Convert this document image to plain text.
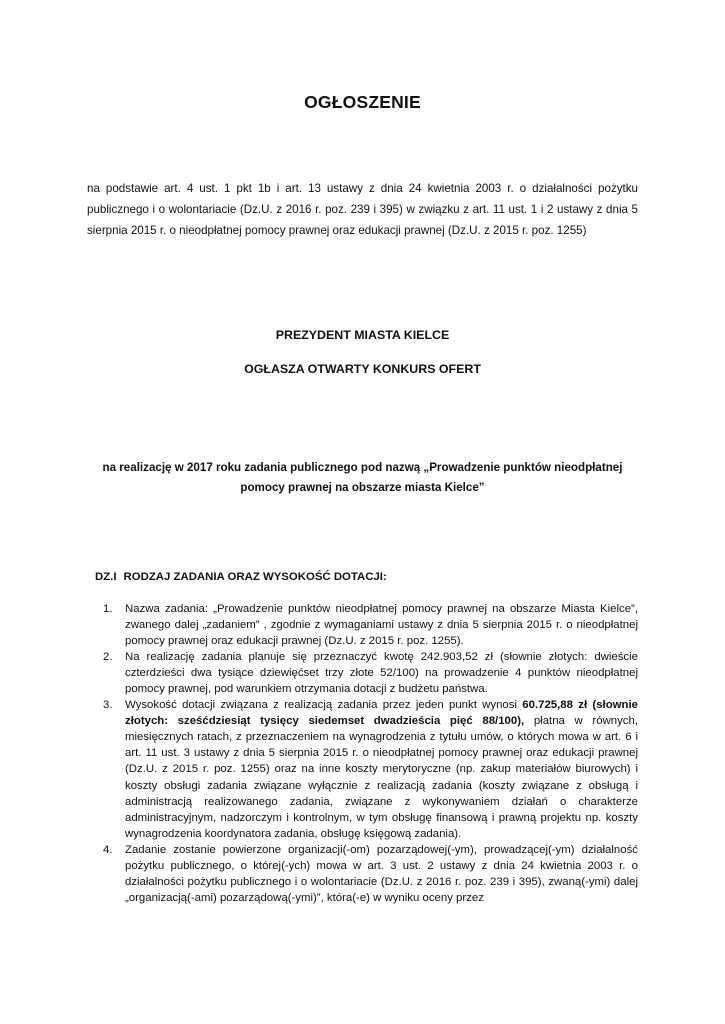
OGŁOSZENIE
na podstawie art. 4 ust. 1 pkt 1b i art. 13 ustawy z dnia 24 kwietnia 2003 r. o działalności pożytku publicznego i o wolontariacie (Dz.U. z 2016 r. poz. 239 i 395) w związku z art. 11 ust. 1 i 2 ustawy z dnia 5 sierpnia 2015 r. o nieodpłatnej pomocy prawnej oraz edukacji prawnej (Dz.U. z 2015 r. poz. 1255)
PREZYDENT MIASTA KIELCE
OGŁASZA OTWARTY KONKURS OFERT
na realizację w 2017 roku zadania publicznego pod nazwą „Prowadzenie punktów nieodpłatnej
pomocy prawnej na obszarze miasta Kielce”
DZ.I RODZAJ ZADANIA ORAZ WYSOKOŚĆ DOTACJI:
1. Nazwa zadania: „Prowadzenie punktów nieodpłatnej pomocy prawnej na obszarze Miasta Kielce”, zwanego dalej „zadaniem” , zgodnie z wymaganiami ustawy z dnia 5 sierpnia 2015 r. o nieodpłatnej pomocy prawnej oraz edukacji prawnej (Dz.U. z 2015 r. poz. 1255).
2. Na realizację zadania planuje się przeznaczyć kwotę 242.903,52 zł (słownie złotych: dwieście czterdzieści dwa tysiące dziewięćset trzy złote 52/100) na prowadzenie 4 punktów nieodpłatnej pomocy prawnej, pod warunkiem otrzymania dotacji z budżetu państwa.
3. Wysokość dotacji związana z realizacją zadania przez jeden punkt wynosi 60.725,88 zł (słownie złotych: sześćdziesiąt tysięcy siedemset dwadzieścia pięć 88/100), płatna w równych, miesięcznych ratach, z przeznaczeniem na wynagrodzenia z tytułu umów, o których mowa w art. 6 i art. 11 ust. 3 ustawy z dnia 5 sierpnia 2015 r. o nieodpłatnej pomocy prawnej oraz edukacji prawnej (Dz.U. z 2015 r. poz. 1255) oraz na inne koszty merytoryczne (np. zakup materiałów biurowych) i koszty obsługi zadania związane wyłącznie z realizacją zadania (koszty związane z obsługą i administracją realizowanego zadania, związane z wykonywaniem działań o charakterze administracyjnym, nadzorczym i kontrolnym, w tym obsługę finansową i prawną projektu np. koszty wynagrodzenia koordynatora zadania, obsługę księgową zadania).
4. Zadanie zostanie powierzone organizacji(-om) pozarządowej(-ym), prowadzącej(-ym) działalność pożytku publicznego, o której(-ych) mowa w art. 3 ust. 2 ustawy z dnia 24 kwietnia 2003 r. o działalności pożytku publicznego i o wolontariacie (Dz.U. z 2016 r. poz. 239 i 395), zwaną(-ymi) dalej „organizacją(-ami) pozarządową(-ymi)”, która(-e) w wyniku oceny przez
